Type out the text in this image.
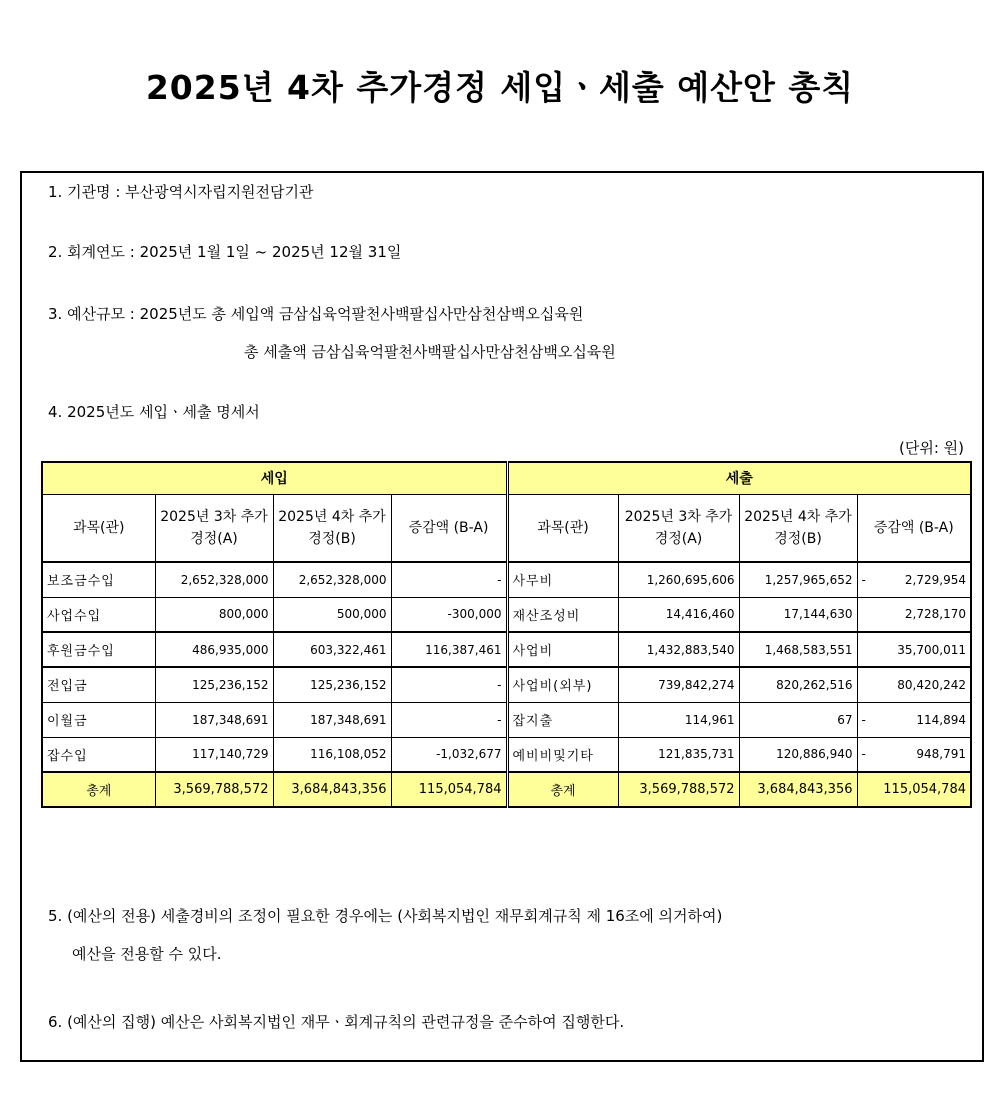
2025년 4차 추가경정 세입ㆍ세출 예산안 총칙
1. 기관명 : 부산광역시자립지원전담기관
2. 회계연도 : 2025년 1월 1일 ~ 2025년 12월 31일
3. 예산규모 : 2025년도 총 세입액 금삼십육억팔천사백팔십사만삼천삼백오십육원
총 세출액 금삼십육억팔천사백팔십사만삼천삼백오십육원
4. 2025년도 세입ㆍ세출 명세서
(단위: 원)
세입				세출			
과목(관)	2025년 3차 추가경정(A)	2025년 4차 추가경정(B)	증감액 (B-A)	과목(관)	2025년 3차 추가경정(A)	2025년 4차 추가경정(B)	증감액 (B-A)
보조금수입	2,652,328,000	2,652,328,000	-	사무비	1,260,695,606	1,257,965,652	- 2,729,954

사업수입	800,000	500,000	-300,000	재산조성비	14,416,460	17,144,630	2,728,170

후원금수입	486,935,000	603,322,461	116,387,461	사업비	1,432,883,540	1,468,583,551	35,700,011

전입금	125,236,152	125,236,152	-	사업비(외부)	739,842,274	820,262,516	80,420,242

이월금	187,348,691	187,348,691	-	잡지출	114,961	67	- 114,894

잡수입	117,140,729	116,108,052	-1,032,677	예비비및기타	121,835,731	120,886,940	- 948,791

총계	3,569,788,572	3,684,843,356	115,054,784	총계	3,569,788,572	3,684,843,356	115,054,784
5. (예산의 전용) 세출경비의 조정이 필요한 경우에는 (사회복지법인 재무회계규칙 제 16조에 의거하여)
예산을 전용할 수 있다.
6. (예산의 집행) 예산은 사회복지법인 재무ㆍ회계규칙의 관련규정을 준수하여 집행한다.
